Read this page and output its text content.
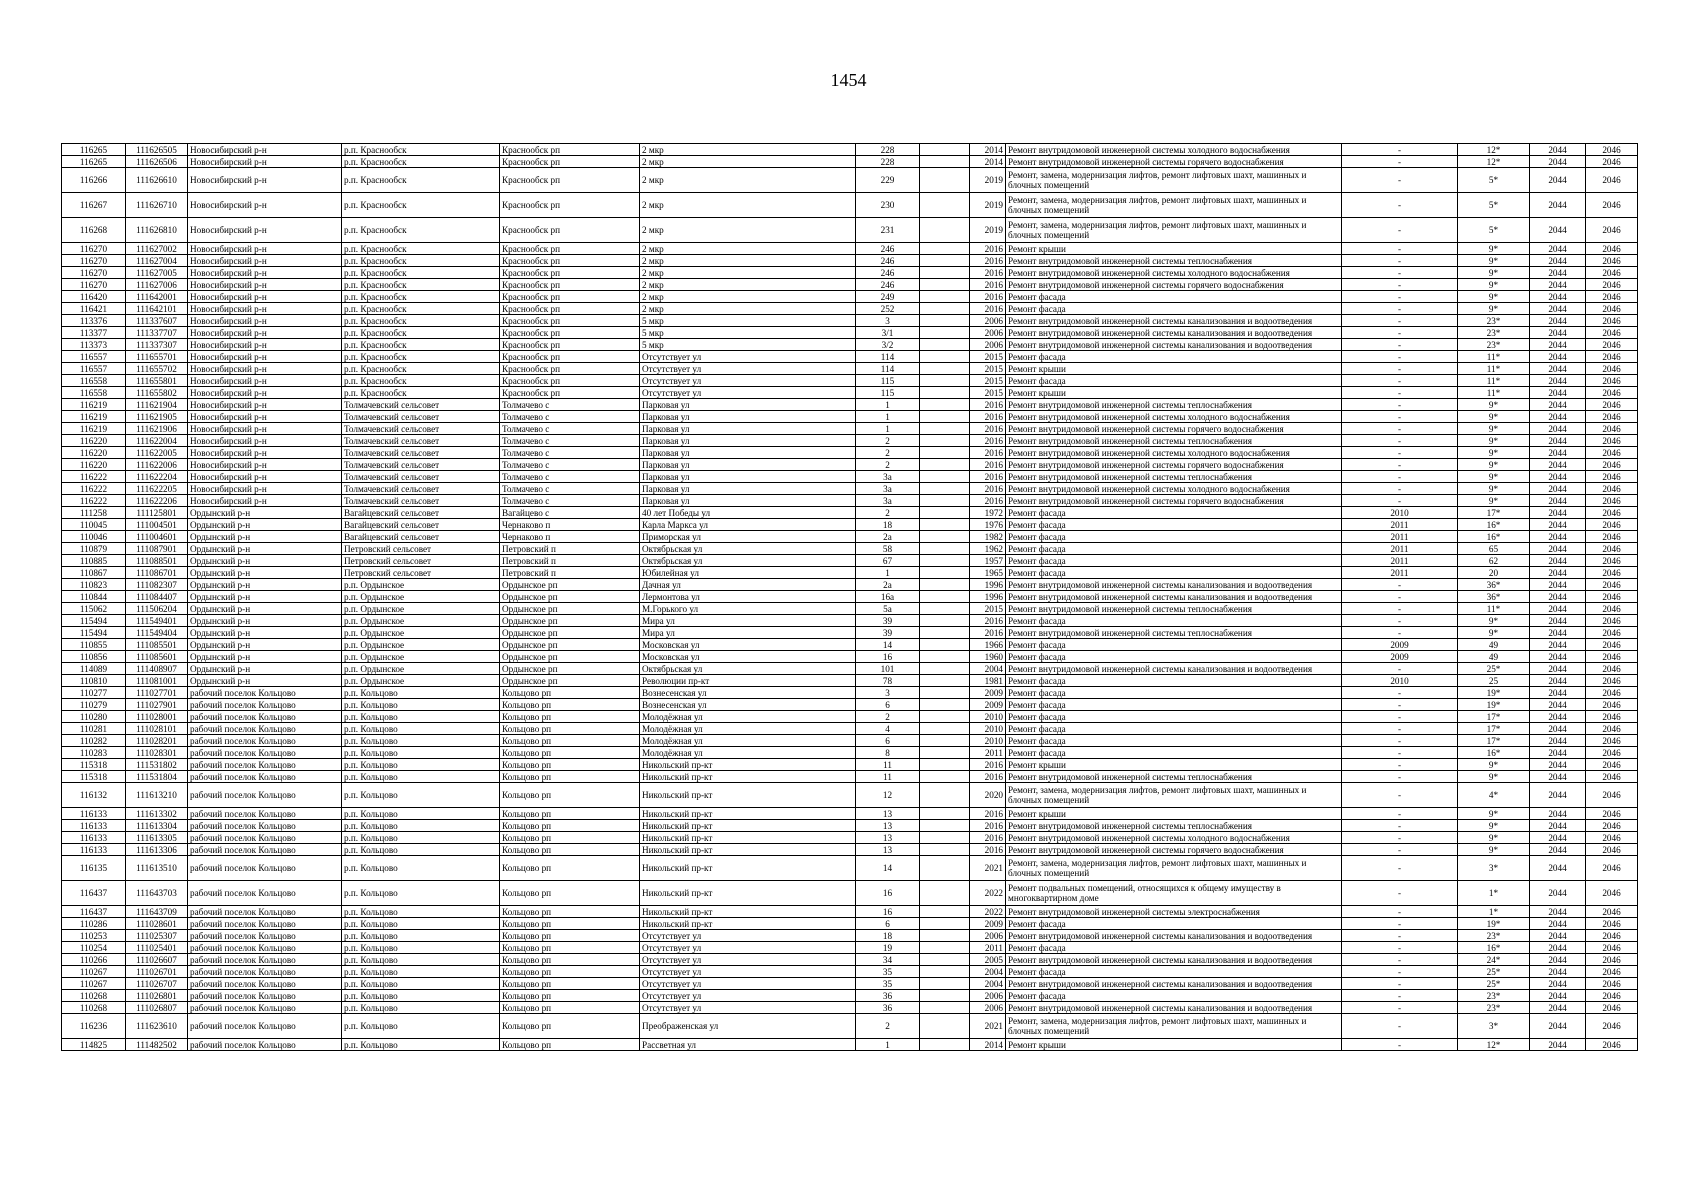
1454
116265	111626505	Новосибирский р-н	р.п. Краснообск	Краснообск рп	2 мкр	228		2014	Ремонт внутридомовой инженерной системы холодного водоснабжения	-	12*	2044	2046
116265	111626506	Новосибирский р-н	р.п. Краснообск	Краснообск рп	2 мкр	228		2014	Ремонт внутридомовой инженерной системы горячего водоснабжения	-	12*	2044	2046
116266	111626610	Новосибирский р-н	р.п. Краснообск	Краснообск рп	2 мкр	229		2019	Ремонт, замена, модернизация лифтов, ремонт лифтовых шахт, машинных и блочных помещений	-	5*	2044	2046
116267	111626710	Новосибирский р-н	р.п. Краснообск	Краснообск рп	2 мкр	230		2019	Ремонт, замена, модернизация лифтов, ремонт лифтовых шахт, машинных и блочных помещений	-	5*	2044	2046
116268	111626810	Новосибирский р-н	р.п. Краснообск	Краснообск рп	2 мкр	231		2019	Ремонт, замена, модернизация лифтов, ремонт лифтовых шахт, машинных и блочных помещений	-	5*	2044	2046
116270	111627002	Новосибирский р-н	р.п. Краснообск	Краснообск рп	2 мкр	246		2016	Ремонт крыши	-	9*	2044	2046
116270	111627004	Новосибирский р-н	р.п. Краснообск	Краснообск рп	2 мкр	246		2016	Ремонт внутридомовой инженерной системы теплоснабжения	-	9*	2044	2046
116270	111627005	Новосибирский р-н	р.п. Краснообск	Краснообск рп	2 мкр	246		2016	Ремонт внутридомовой инженерной системы холодного водоснабжения	-	9*	2044	2046
116270	111627006	Новосибирский р-н	р.п. Краснообск	Краснообск рп	2 мкр	246		2016	Ремонт внутридомовой инженерной системы горячего водоснабжения	-	9*	2044	2046
116420	111642001	Новосибирский р-н	р.п. Краснообск	Краснообск рп	2 мкр	249		2016	Ремонт фасада	-	9*	2044	2046
116421	111642101	Новосибирский р-н	р.п. Краснообск	Краснообск рп	2 мкр	252		2016	Ремонт фасада	-	9*	2044	2046
113376	111337607	Новосибирский р-н	р.п. Краснообск	Краснообск рп	5 мкр	3		2006	Ремонт внутридомовой инженерной системы канализования и водоотведения	-	23*	2044	2046
113377	111337707	Новосибирский р-н	р.п. Краснообск	Краснообск рп	5 мкр	3/1		2006	Ремонт внутридомовой инженерной системы канализования и водоотведения	-	23*	2044	2046
113373	111337307	Новосибирский р-н	р.п. Краснообск	Краснообск рп	5 мкр	3/2		2006	Ремонт внутридомовой инженерной системы канализования и водоотведения	-	23*	2044	2046
116557	111655701	Новосибирский р-н	р.п. Краснообск	Краснообск рп	Отсутствует ул	114		2015	Ремонт фасада	-	11*	2044	2046
116557	111655702	Новосибирский р-н	р.п. Краснообск	Краснообск рп	Отсутствует ул	114		2015	Ремонт крыши	-	11*	2044	2046
116558	111655801	Новосибирский р-н	р.п. Краснообск	Краснообск рп	Отсутствует ул	115		2015	Ремонт фасада	-	11*	2044	2046
116558	111655802	Новосибирский р-н	р.п. Краснообск	Краснообск рп	Отсутствует ул	115		2015	Ремонт крыши	-	11*	2044	2046
116219	111621904	Новосибирский р-н	Толмачевский сельсовет	Толмачево с	Парковая ул	1		2016	Ремонт внутридомовой инженерной системы теплоснабжения	-	9*	2044	2046
116219	111621905	Новосибирский р-н	Толмачевский сельсовет	Толмачево с	Парковая ул	1		2016	Ремонт внутридомовой инженерной системы холодного водоснабжения	-	9*	2044	2046
116219	111621906	Новосибирский р-н	Толмачевский сельсовет	Толмачево с	Парковая ул	1		2016	Ремонт внутридомовой инженерной системы горячего водоснабжения	-	9*	2044	2046
116220	111622004	Новосибирский р-н	Толмачевский сельсовет	Толмачево с	Парковая ул	2		2016	Ремонт внутридомовой инженерной системы теплоснабжения	-	9*	2044	2046
116220	111622005	Новосибирский р-н	Толмачевский сельсовет	Толмачево с	Парковая ул	2		2016	Ремонт внутридомовой инженерной системы холодного водоснабжения	-	9*	2044	2046
116220	111622006	Новосибирский р-н	Толмачевский сельсовет	Толмачево с	Парковая ул	2		2016	Ремонт внутридомовой инженерной системы горячего водоснабжения	-	9*	2044	2046
116222	111622204	Новосибирский р-н	Толмачевский сельсовет	Толмачево с	Парковая ул	3а		2016	Ремонт внутридомовой инженерной системы теплоснабжения	-	9*	2044	2046
116222	111622205	Новосибирский р-н	Толмачевский сельсовет	Толмачево с	Парковая ул	3а		2016	Ремонт внутридомовой инженерной системы холодного водоснабжения	-	9*	2044	2046
116222	111622206	Новосибирский р-н	Толмачевский сельсовет	Толмачево с	Парковая ул	3а		2016	Ремонт внутридомовой инженерной системы горячего водоснабжения	-	9*	2044	2046
111258	111125801	Ордынский р-н	Вагайцевский сельсовет	Вагайцево с	40 лет Победы ул	2		1972	Ремонт фасада	2010	17*	2044	2046
110045	111004501	Ордынский р-н	Вагайцевский сельсовет	Чернаково п	Карла Маркса ул	18		1976	Ремонт фасада	2011	16*	2044	2046
110046	111004601	Ордынский р-н	Вагайцевский сельсовет	Чернаково п	Приморская ул	2а		1982	Ремонт фасада	2011	16*	2044	2046
110879	111087901	Ордынский р-н	Петровский сельсовет	Петровский п	Октябрьская ул	58		1962	Ремонт фасада	2011	65	2044	2046
110885	111088501	Ордынский р-н	Петровский сельсовет	Петровский п	Октябрьская ул	67		1957	Ремонт фасада	2011	62	2044	2046
110867	111086701	Ордынский р-н	Петровский сельсовет	Петровский п	Юбилейная ул	1		1965	Ремонт фасада	2011	20	2044	2046
110823	111082307	Ордынский р-н	р.п. Ордынское	Ордынское рп	Дачная ул	2а		1996	Ремонт внутридомовой инженерной системы канализования и водоотведения	-	36*	2044	2046
110844	111084407	Ордынский р-н	р.п. Ордынское	Ордынское рп	Лермонтова ул	16а		1996	Ремонт внутридомовой инженерной системы канализования и водоотведения	-	36*	2044	2046
115062	111506204	Ордынский р-н	р.п. Ордынское	Ордынское рп	М.Горького ул	5а		2015	Ремонт внутридомовой инженерной системы теплоснабжения	-	11*	2044	2046
115494	111549401	Ордынский р-н	р.п. Ордынское	Ордынское рп	Мира ул	39		2016	Ремонт фасада	-	9*	2044	2046
115494	111549404	Ордынский р-н	р.п. Ордынское	Ордынское рп	Мира ул	39		2016	Ремонт внутридомовой инженерной системы теплоснабжения	-	9*	2044	2046
110855	111085501	Ордынский р-н	р.п. Ордынское	Ордынское рп	Московская ул	14		1966	Ремонт фасада	2009	49	2044	2046
110856	111085601	Ордынский р-н	р.п. Ордынское	Ордынское рп	Московская ул	16		1960	Ремонт фасада	2009	49	2044	2046
114089	111408907	Ордынский р-н	р.п. Ордынское	Ордынское рп	Октябрьская ул	101		2004	Ремонт внутридомовой инженерной системы канализования и водоотведения	-	25*	2044	2046
110810	111081001	Ордынский р-н	р.п. Ордынское	Ордынское рп	Революции пр-кт	78		1981	Ремонт фасада	2010	25	2044	2046
110277	111027701	рабочий поселок Кольцово	р.п. Кольцово	Кольцово рп	Вознесенская ул	3		2009	Ремонт фасада	-	19*	2044	2046
110279	111027901	рабочий поселок Кольцово	р.п. Кольцово	Кольцово рп	Вознесенская ул	6		2009	Ремонт фасада	-	19*	2044	2046
110280	111028001	рабочий поселок Кольцово	р.п. Кольцово	Кольцово рп	Молодёжная ул	2		2010	Ремонт фасада	-	17*	2044	2046
110281	111028101	рабочий поселок Кольцово	р.п. Кольцово	Кольцово рп	Молодёжная ул	4		2010	Ремонт фасада	-	17*	2044	2046
110282	111028201	рабочий поселок Кольцово	р.п. Кольцово	Кольцово рп	Молодёжная ул	6		2010	Ремонт фасада	-	17*	2044	2046
110283	111028301	рабочий поселок Кольцово	р.п. Кольцово	Кольцово рп	Молодёжная ул	8		2011	Ремонт фасада	-	16*	2044	2046
115318	111531802	рабочий поселок Кольцово	р.п. Кольцово	Кольцово рп	Никольский пр-кт	11		2016	Ремонт крыши	-	9*	2044	2046
115318	111531804	рабочий поселок Кольцово	р.п. Кольцово	Кольцово рп	Никольский пр-кт	11		2016	Ремонт внутридомовой инженерной системы теплоснабжения	-	9*	2044	2046
116132	111613210	рабочий поселок Кольцово	р.п. Кольцово	Кольцово рп	Никольский пр-кт	12		2020	Ремонт, замена, модернизация лифтов, ремонт лифтовых шахт, машинных и блочных помещений	-	4*	2044	2046
116133	111613302	рабочий поселок Кольцово	р.п. Кольцово	Кольцово рп	Никольский пр-кт	13		2016	Ремонт крыши	-	9*	2044	2046
116133	111613304	рабочий поселок Кольцово	р.п. Кольцово	Кольцово рп	Никольский пр-кт	13		2016	Ремонт внутридомовой инженерной системы теплоснабжения	-	9*	2044	2046
116133	111613305	рабочий поселок Кольцово	р.п. Кольцово	Кольцово рп	Никольский пр-кт	13		2016	Ремонт внутридомовой инженерной системы холодного водоснабжения	-	9*	2044	2046
116133	111613306	рабочий поселок Кольцово	р.п. Кольцово	Кольцово рп	Никольский пр-кт	13		2016	Ремонт внутридомовой инженерной системы горячего водоснабжения	-	9*	2044	2046
116135	111613510	рабочий поселок Кольцово	р.п. Кольцово	Кольцово рп	Никольский пр-кт	14		2021	Ремонт, замена, модернизация лифтов, ремонт лифтовых шахт, машинных и блочных помещений	-	3*	2044	2046
116437	111643703	рабочий поселок Кольцово	р.п. Кольцово	Кольцово рп	Никольский пр-кт	16		2022	Ремонт подвальных помещений, относящихся к общему имуществу в многоквартирном доме	-	1*	2044	2046
116437	111643709	рабочий поселок Кольцово	р.п. Кольцово	Кольцово рп	Никольский пр-кт	16		2022	Ремонт внутридомовой инженерной системы электроснабжения	-	1*	2044	2046
110286	111028601	рабочий поселок Кольцово	р.п. Кольцово	Кольцово рп	Никольский пр-кт	6		2009	Ремонт фасада	-	19*	2044	2046
110253	111025307	рабочий поселок Кольцово	р.п. Кольцово	Кольцово рп	Отсутствует ул	18		2006	Ремонт внутридомовой инженерной системы канализования и водоотведения	-	23*	2044	2046
110254	111025401	рабочий поселок Кольцово	р.п. Кольцово	Кольцово рп	Отсутствует ул	19		2011	Ремонт фасада	-	16*	2044	2046
110266	111026607	рабочий поселок Кольцово	р.п. Кольцово	Кольцово рп	Отсутствует ул	34		2005	Ремонт внутридомовой инженерной системы канализования и водоотведения	-	24*	2044	2046
110267	111026701	рабочий поселок Кольцово	р.п. Кольцово	Кольцово рп	Отсутствует ул	35		2004	Ремонт фасада	-	25*	2044	2046
110267	111026707	рабочий поселок Кольцово	р.п. Кольцово	Кольцово рп	Отсутствует ул	35		2004	Ремонт внутридомовой инженерной системы канализования и водоотведения	-	25*	2044	2046
110268	111026801	рабочий поселок Кольцово	р.п. Кольцово	Кольцово рп	Отсутствует ул	36		2006	Ремонт фасада	-	23*	2044	2046
110268	111026807	рабочий поселок Кольцово	р.п. Кольцово	Кольцово рп	Отсутствует ул	36		2006	Ремонт внутридомовой инженерной системы канализования и водоотведения	-	23*	2044	2046
116236	111623610	рабочий поселок Кольцово	р.п. Кольцово	Кольцово рп	Преображенская ул	2		2021	Ремонт, замена, модернизация лифтов, ремонт лифтовых шахт, машинных и блочных помещений	-	3*	2044	2046
114825	111482502	рабочий поселок Кольцово	р.п. Кольцово	Кольцово рп	Рассветная ул	1		2014	Ремонт крыши	-	12*	2044	2046
